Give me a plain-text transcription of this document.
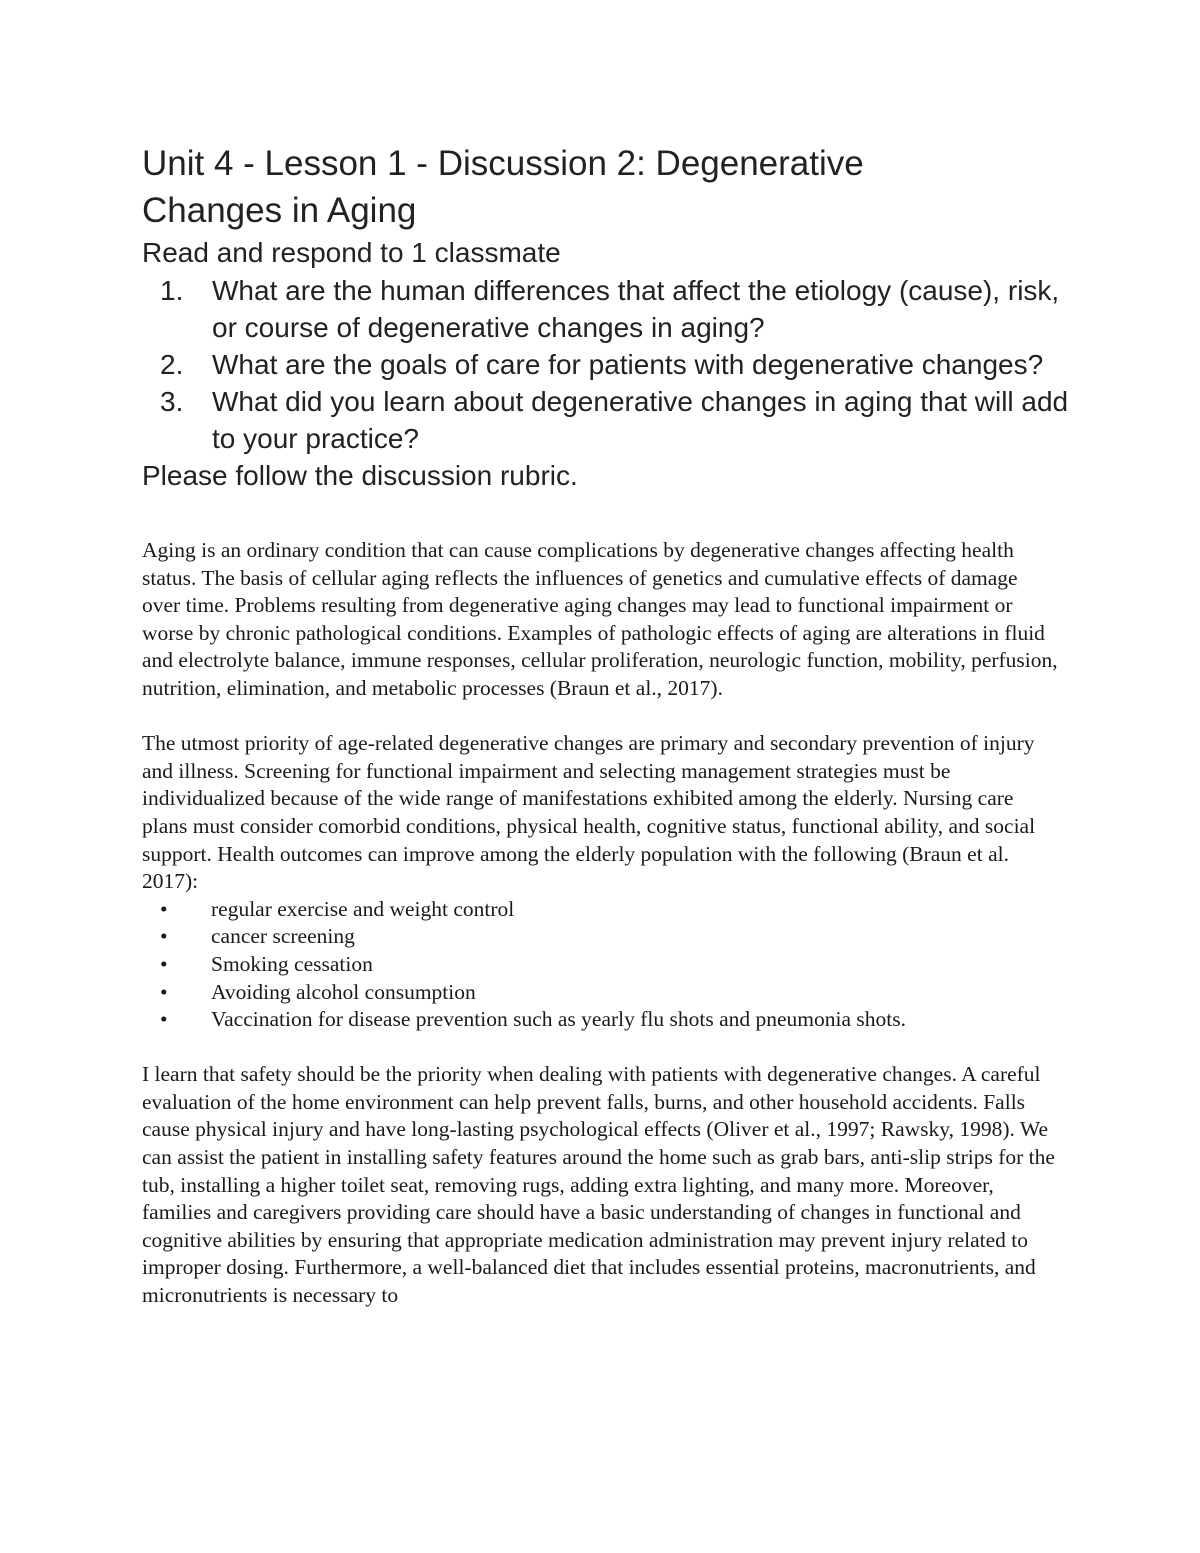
Unit 4 - Lesson 1 - Discussion 2: Degenerative
Changes in Aging

Read and respond to 1 classmate

1. What are the human differences that affect the etiology (cause), risk, or course of degenerative changes in aging?
2. What are the goals of care for patients with degenerative changes?
3. What did you learn about degenerative changes in aging that will add to your practice?

Please follow the discussion rubric.

Aging is an ordinary condition that can cause complications by degenerative changes affecting health status. The basis of cellular aging reflects the influences of genetics and cumulative effects of damage over time. Problems resulting from degenerative aging changes may lead to functional impairment or worse by chronic pathological conditions. Examples of pathologic effects of aging are alterations in fluid and electrolyte balance, immune responses, cellular proliferation, neurologic function, mobility, perfusion, nutrition, elimination, and metabolic processes (Braun et al., 2017).

The utmost priority of age-related degenerative changes are primary and secondary prevention of injury and illness. Screening for functional impairment and selecting management strategies must be individualized because of the wide range of manifestations exhibited among the elderly. Nursing care plans must consider comorbid conditions, physical health, cognitive status, functional ability, and social support. Health outcomes can improve among the elderly population with the following (Braun et al. 2017):

• regular exercise and weight control
• cancer screening
• Smoking cessation
• Avoiding alcohol consumption
• Vaccination for disease prevention such as yearly flu shots and pneumonia shots.

I learn that safety should be the priority when dealing with patients with degenerative changes. A careful evaluation of the home environment can help prevent falls, burns, and other household accidents. Falls cause physical injury and have long-lasting psychological effects (Oliver et al., 1997; Rawsky, 1998). We can assist the patient in installing safety features around the home such as grab bars, anti-slip strips for the tub, installing a higher toilet seat, removing rugs, adding extra lighting, and many more. Moreover, families and caregivers providing care should have a basic understanding of changes in functional and cognitive abilities by ensuring that appropriate medication administration may prevent injury related to improper dosing. Furthermore, a well-balanced diet that includes essential proteins, macronutrients, and micronutrients is necessary to
